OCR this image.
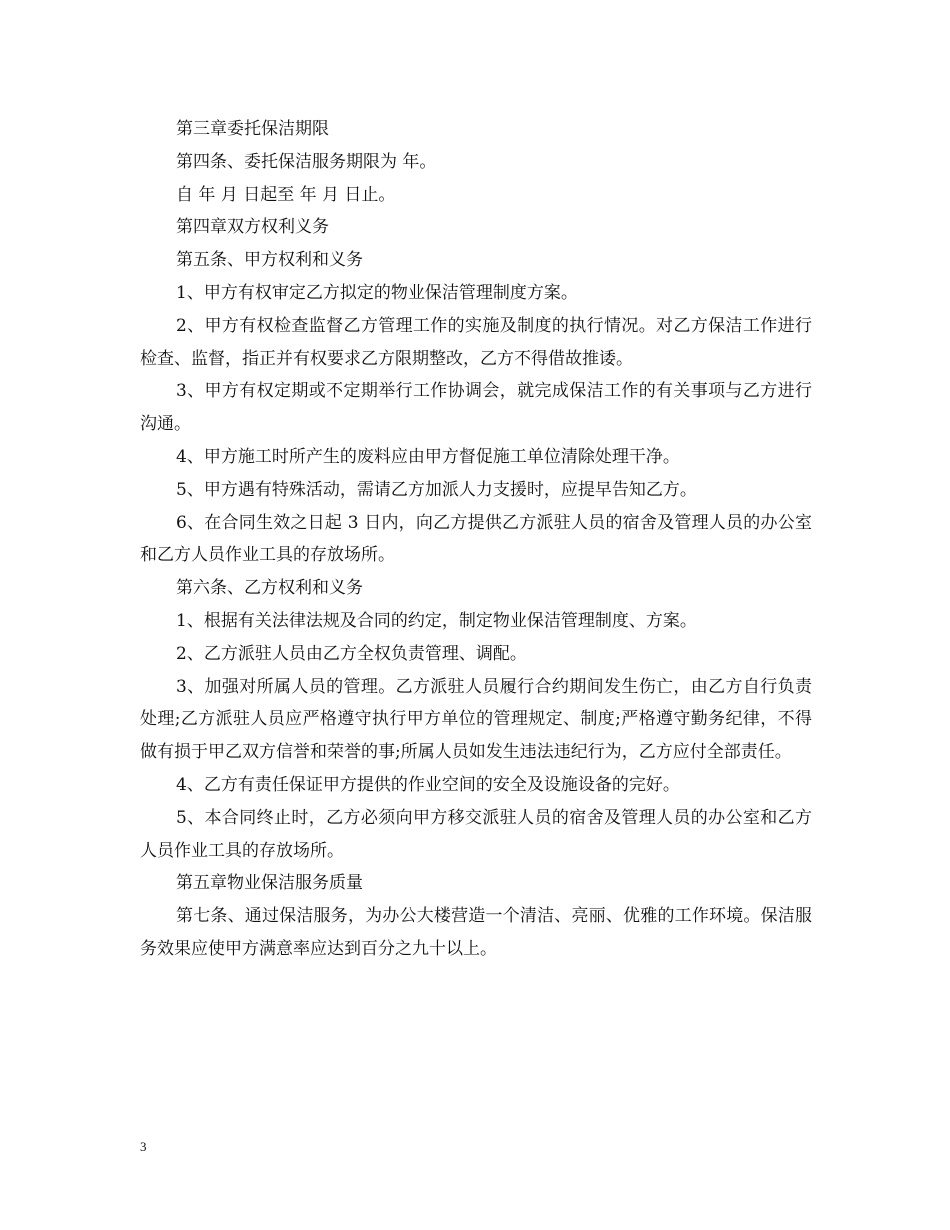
第三章委托保洁期限

第四条、委托保洁服务期限为 年。

自 年 月 日起至 年 月 日止。

第四章双方权利义务

第五条、甲方权利和义务

1、甲方有权审定乙方拟定的物业保洁管理制度方案。

2、甲方有权检查监督乙方管理工作的实施及制度的执行情况。对乙方保洁工作进行检查、监督，指正并有权要求乙方限期整改，乙方不得借故推诿。

3、甲方有权定期或不定期举行工作协调会，就完成保洁工作的有关事项与乙方进行沟通。

4、甲方施工时所产生的废料应由甲方督促施工单位清除处理干净。

5、甲方遇有特殊活动，需请乙方加派人力支援时，应提早告知乙方。

6、在合同生效之日起 3 日内，向乙方提供乙方派驻人员的宿舍及管理人员的办公室和乙方人员作业工具的存放场所。

第六条、乙方权利和义务

1、根据有关法律法规及合同的约定，制定物业保洁管理制度、方案。

2、乙方派驻人员由乙方全权负责管理、调配。

3、加强对所属人员的管理。乙方派驻人员履行合约期间发生伤亡，由乙方自行负责处理;乙方派驻人员应严格遵守执行甲方单位的管理规定、制度;严格遵守勤务纪律，不得做有损于甲乙双方信誉和荣誉的事;所属人员如发生违法违纪行为，乙方应付全部责任。

4、乙方有责任保证甲方提供的作业空间的安全及设施设备的完好。

5、本合同终止时，乙方必须向甲方移交派驻人员的宿舍及管理人员的办公室和乙方人员作业工具的存放场所。

第五章物业保洁服务质量

第七条、通过保洁服务，为办公大楼营造一个清洁、亮丽、优雅的工作环境。保洁服务效果应使甲方满意率应达到百分之九十以上。

3
